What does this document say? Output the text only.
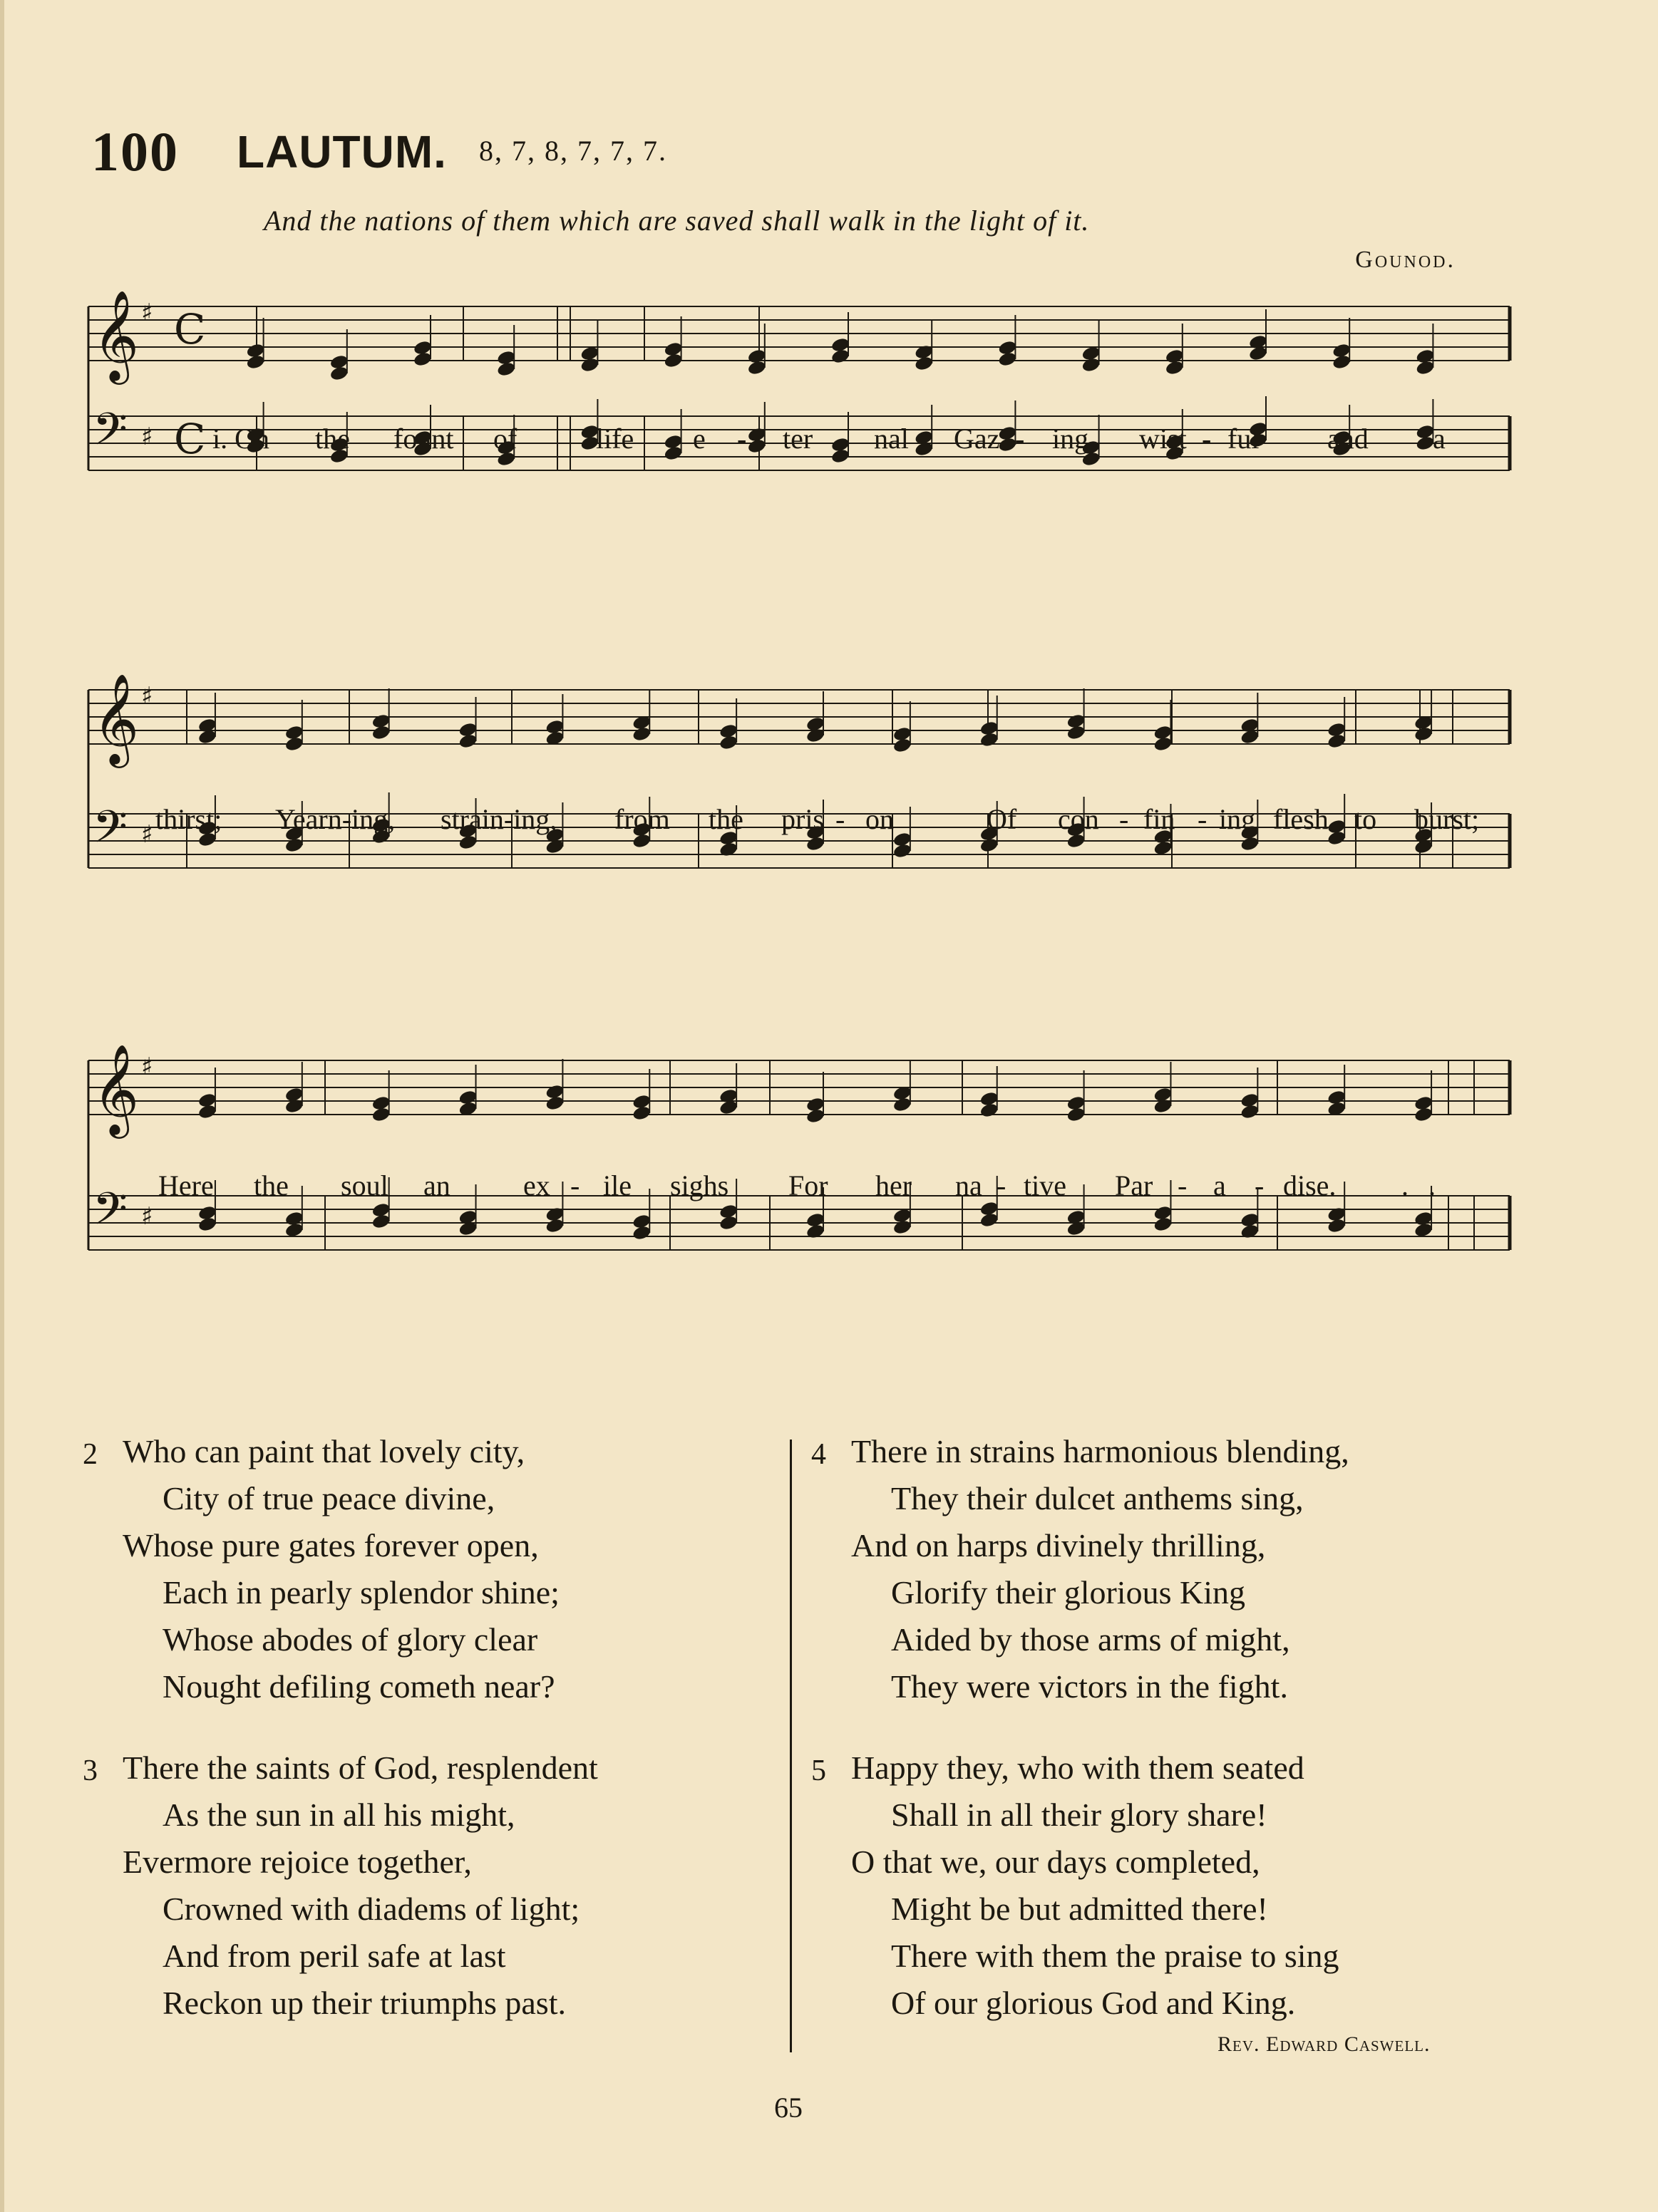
100 LAUTUM. 8, 7, 8, 7, 7, 7.
And the nations of them which are saved shall walk in the light of it.
Gounod.
𝄞 ♯ C
𝄢 ♯ C
𝄞 ♯
𝄢 ♯
𝄞 ♯
𝄢 ♯
i. On the fount of	life e - ter - nal Gaz - ing wist - ful and a
thirst; Yearn-ing, strain-ing, from the pris - on	Of con - fin - ing flesh to burst;
Here the soul an	ex - ile sighs For her na - tive Par - a - dise. . .
2 Who can paint that lovely city,
City of true peace divine,
Whose pure gates forever open,
Each in pearly splendor shine;
Whose abodes of glory clear
Nought defiling cometh near?
3 There the saints of God, resplendent
As the sun in all his might,
Evermore rejoice together,
Crowned with diadems of light;
And from peril safe at last
Reckon up their triumphs past.
4 There in strains harmonious blending,
They their dulcet anthems sing,
And on harps divinely thrilling,
Glorify their glorious King
Aided by those arms of might,
They were victors in the fight.
5 Happy they, who with them seated
Shall in all their glory share!
O that we, our days completed,
Might be but admitted there!
There with them the praise to sing
Of our glorious God and King.
Rev. Edward Caswell.
65
